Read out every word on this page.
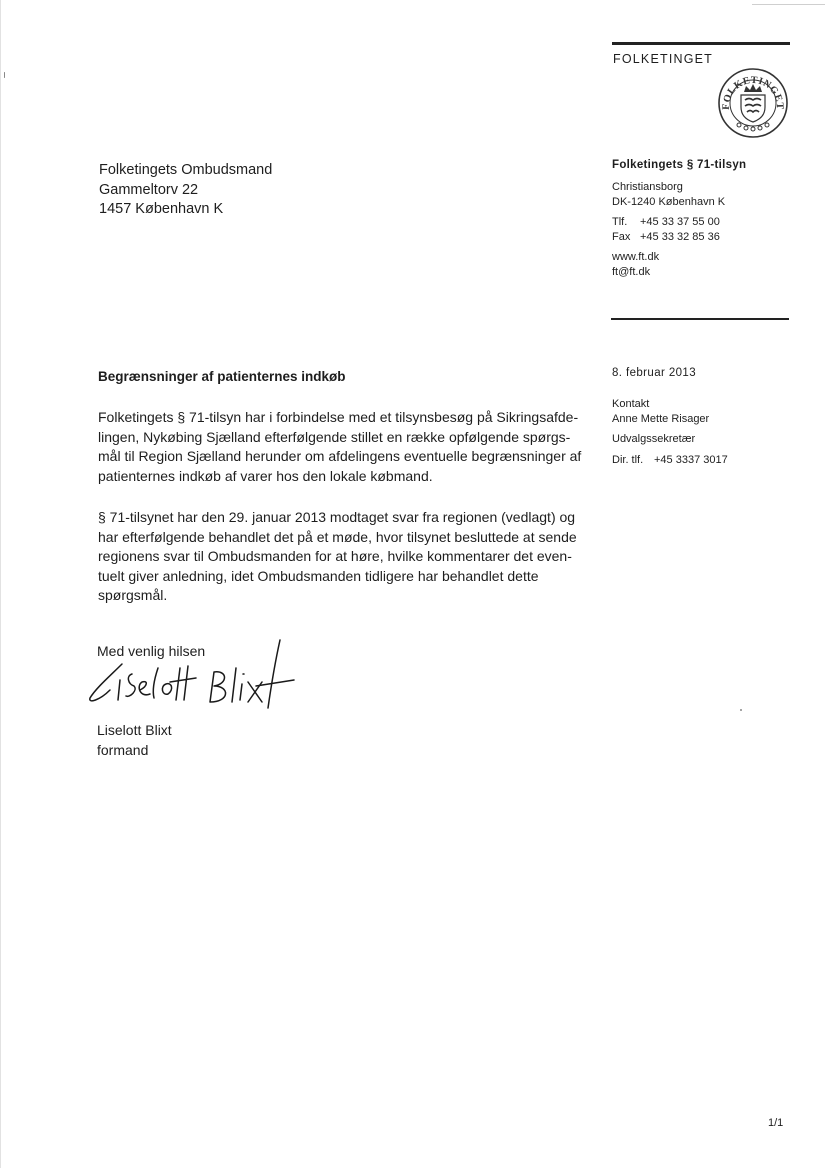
FOLKETINGET
FOLKETINGET
Folketingets Ombudsmand
Gammeltorv 22
1457 København K
Folketingets § 71-tilsyn
Christiansborg
DK-1240 København K
Tlf. +45 33 37 55 00
Fax +45 33 32 85 36
www.ft.dk
ft@ft.dk
8. februar 2013
Kontakt
Anne Mette Risager
Udvalgssekretær
Dir. tlf. +45 3337 3017
Begrænsninger af patienternes indkøb
Folketingets § 71-tilsyn har i forbindelse med et tilsynsbesøg på Sikringsafde-
lingen, Nykøbing Sjælland efterfølgende stillet en række opfølgende spørgs-
mål til Region Sjælland herunder om afdelingens eventuelle begrænsninger af
patienternes indkøb af varer hos den lokale købmand.
§ 71-tilsynet har den 29. januar 2013 modtaget svar fra regionen (vedlagt) og
har efterfølgende behandlet det på et møde, hvor tilsynet besluttede at sende
regionens svar til Ombudsmanden for at høre, hvilke kommentarer det even-
tuelt giver anledning, idet Ombudsmanden tidligere har behandlet dette
spørgsmål.
Med venlig hilsen
Liselott Blixt
formand
1/1
